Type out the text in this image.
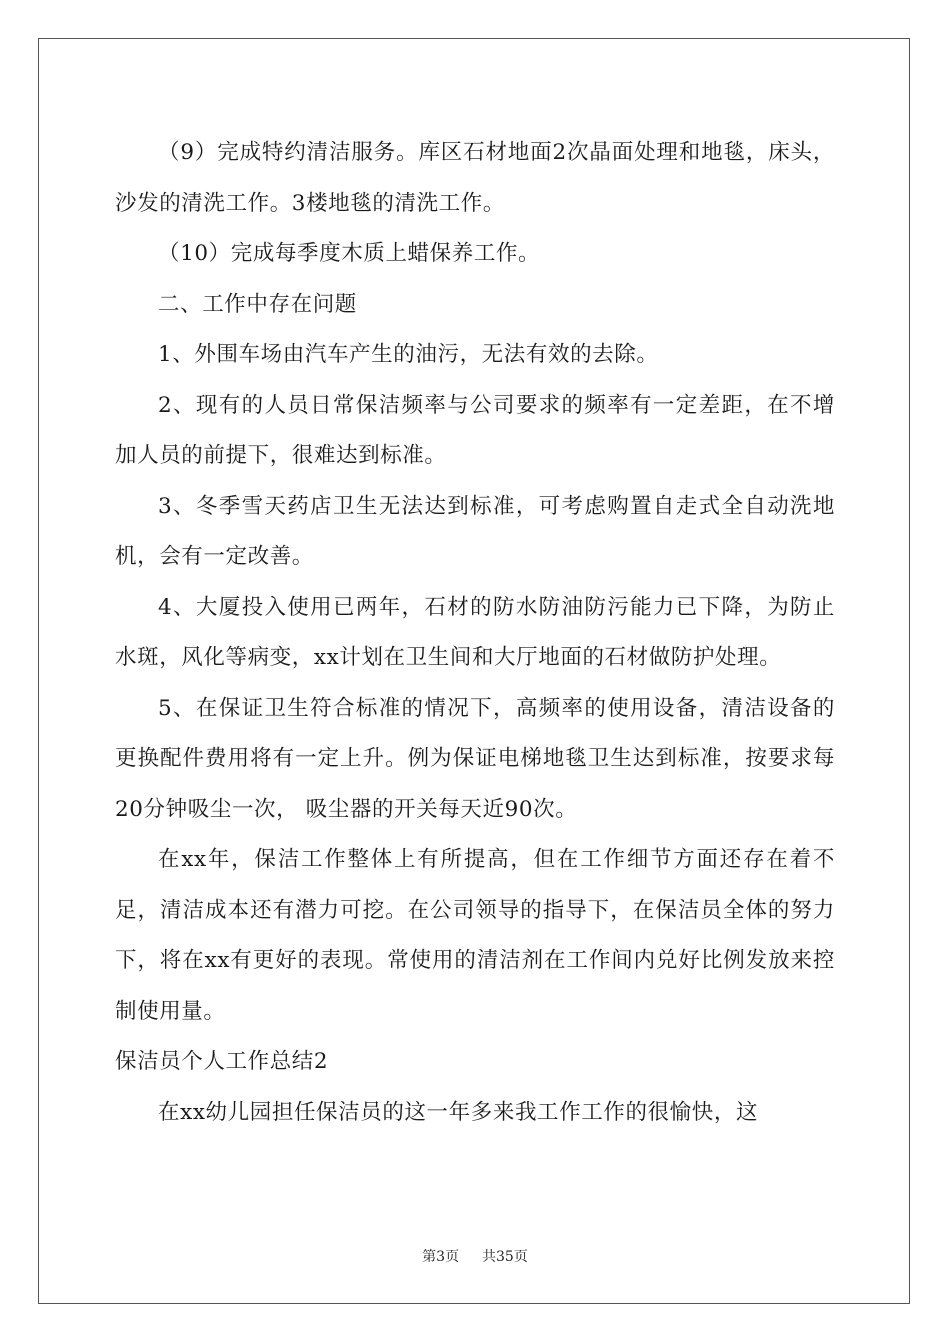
（9）完成特约清洁服务。库区石材地面2次晶面处理和地毯，床头，沙发的清洗工作。3楼地毯的清洗工作。

（10）完成每季度木质上蜡保养工作。

二、工作中存在问题

1、外围车场由汽车产生的油污，无法有效的去除。

2、现有的人员日常保洁频率与公司要求的频率有一定差距，在不增加人员的前提下，很难达到标准。

3、冬季雪天药店卫生无法达到标准，可考虑购置自走式全自动洗地机，会有一定改善。

4、大厦投入使用已两年，石材的防水防油防污能力已下降，为防止水斑，风化等病变，xx计划在卫生间和大厅地面的石材做防护处理。

5、在保证卫生符合标准的情况下，高频率的使用设备，清洁设备的更换配件费用将有一定上升。例为保证电梯地毯卫生达到标准，按要求每20分钟吸尘一次， 吸尘器的开关每天近90次。

在xx年，保洁工作整体上有所提高，但在工作细节方面还存在着不足，清洁成本还有潜力可挖。在公司领导的指导下，在保洁员全体的努力下，将在xx有更好的表现。常使用的清洁剂在工作间内兑好比例发放来控制使用量。

保洁员个人工作总结2

在xx幼儿园担任保洁员的这一年多来我工作工作的很愉快，这

第3页 共35页
